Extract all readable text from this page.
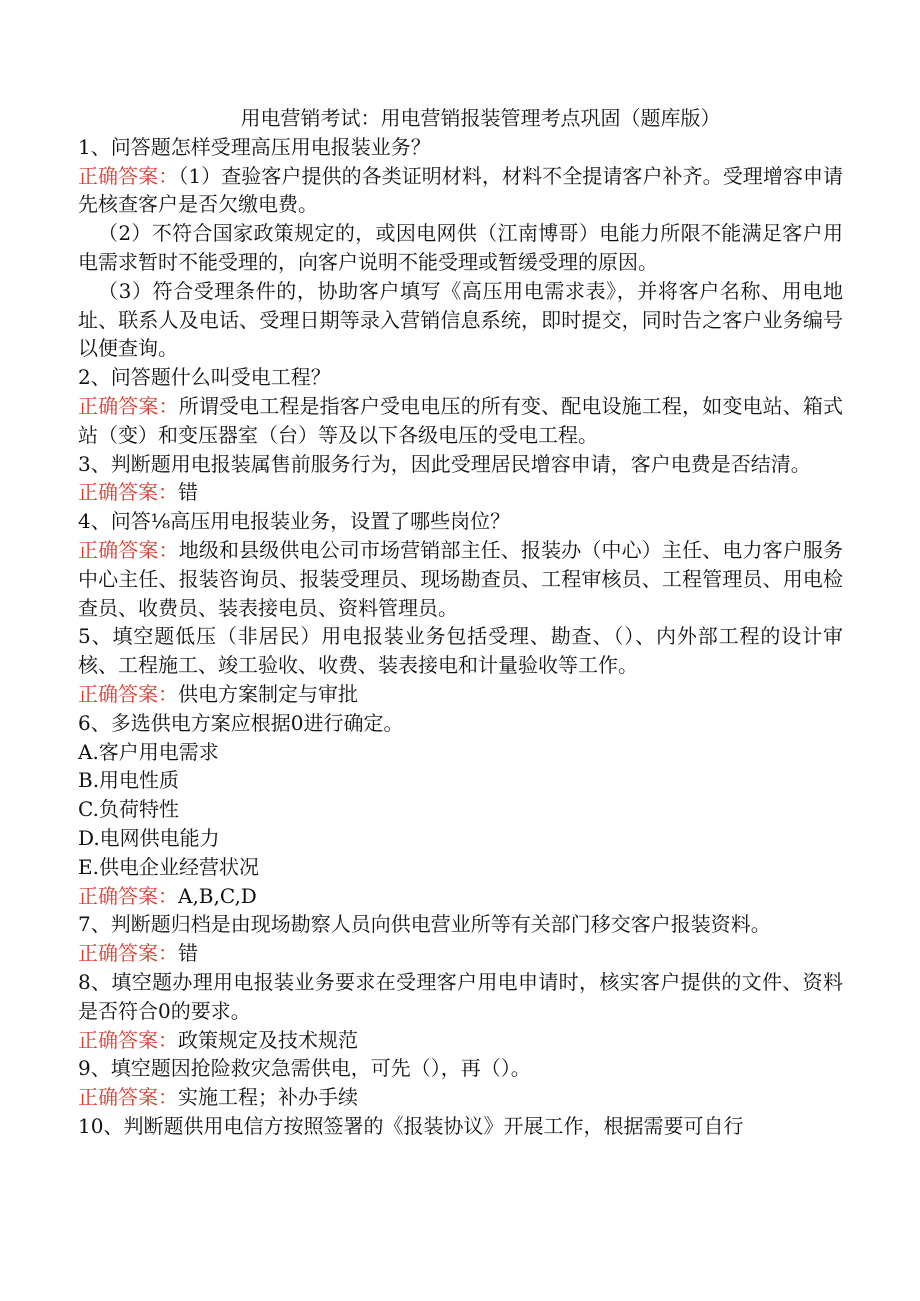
用电营销考试：用电营销报装管理考点巩固（题库版）

1、问答题怎样受理高压用电报装业务？

正确答案：（1）查验客户提供的各类证明材料，材料不全提请客户补齐。受理增容申请先核查客户是否欠缴电费。

（2）不符合国家政策规定的，或因电网供（江南博哥）电能力所限不能满足客户用电需求暂时不能受理的，向客户说明不能受理或暂缓受理的原因。

（3）符合受理条件的，协助客户填写《高压用电需求表》，并将客户名称、用电地址、联系人及电话、受理日期等录入营销信息系统，即时提交，同时告之客户业务编号以便查询。

2、问答题什么叫受电工程？

正确答案：所谓受电工程是指客户受电电压的所有变、配电设施工程，如变电站、箱式站（变）和变压器室（台）等及以下各级电压的受电工程。

3、判断题用电报装属售前服务行为，因此受理居民增容申请，客户电费是否结清。

正确答案：错

4、问答⅛高压用电报装业务，设置了哪些岗位？

正确答案：地级和县级供电公司市场营销部主任、报装办（中心）主任、电力客户服务中心主任、报装咨询员、报装受理员、现场勘查员、工程审核员、工程管理员、用电检查员、收费员、装表接电员、资料管理员。

5、填空题低压（非居民）用电报装业务包括受理、勘查、（）、内外部工程的设计审核、工程施工、竣工验收、收费、装表接电和计量验收等工作。

正确答案：供电方案制定与审批

6、多选供电方案应根据0进行确定。

A.客户用电需求

B.用电性质

C.负荷特性

D.电网供电能力

E.供电企业经营状况

正确答案：A,B,C,D

7、判断题归档是由现场勘察人员向供电营业所等有关部门移交客户报装资料。

正确答案：错

8、填空题办理用电报装业务要求在受理客户用电申请时，核实客户提供的文件、资料是否符合0的要求。

正确答案：政策规定及技术规范

9、填空题因抢险救灾急需供电，可先（），再（）。

正确答案：实施工程；补办手续

10、判断题供用电信方按照签署的《报装协议》开展工作，根据需要可自行
